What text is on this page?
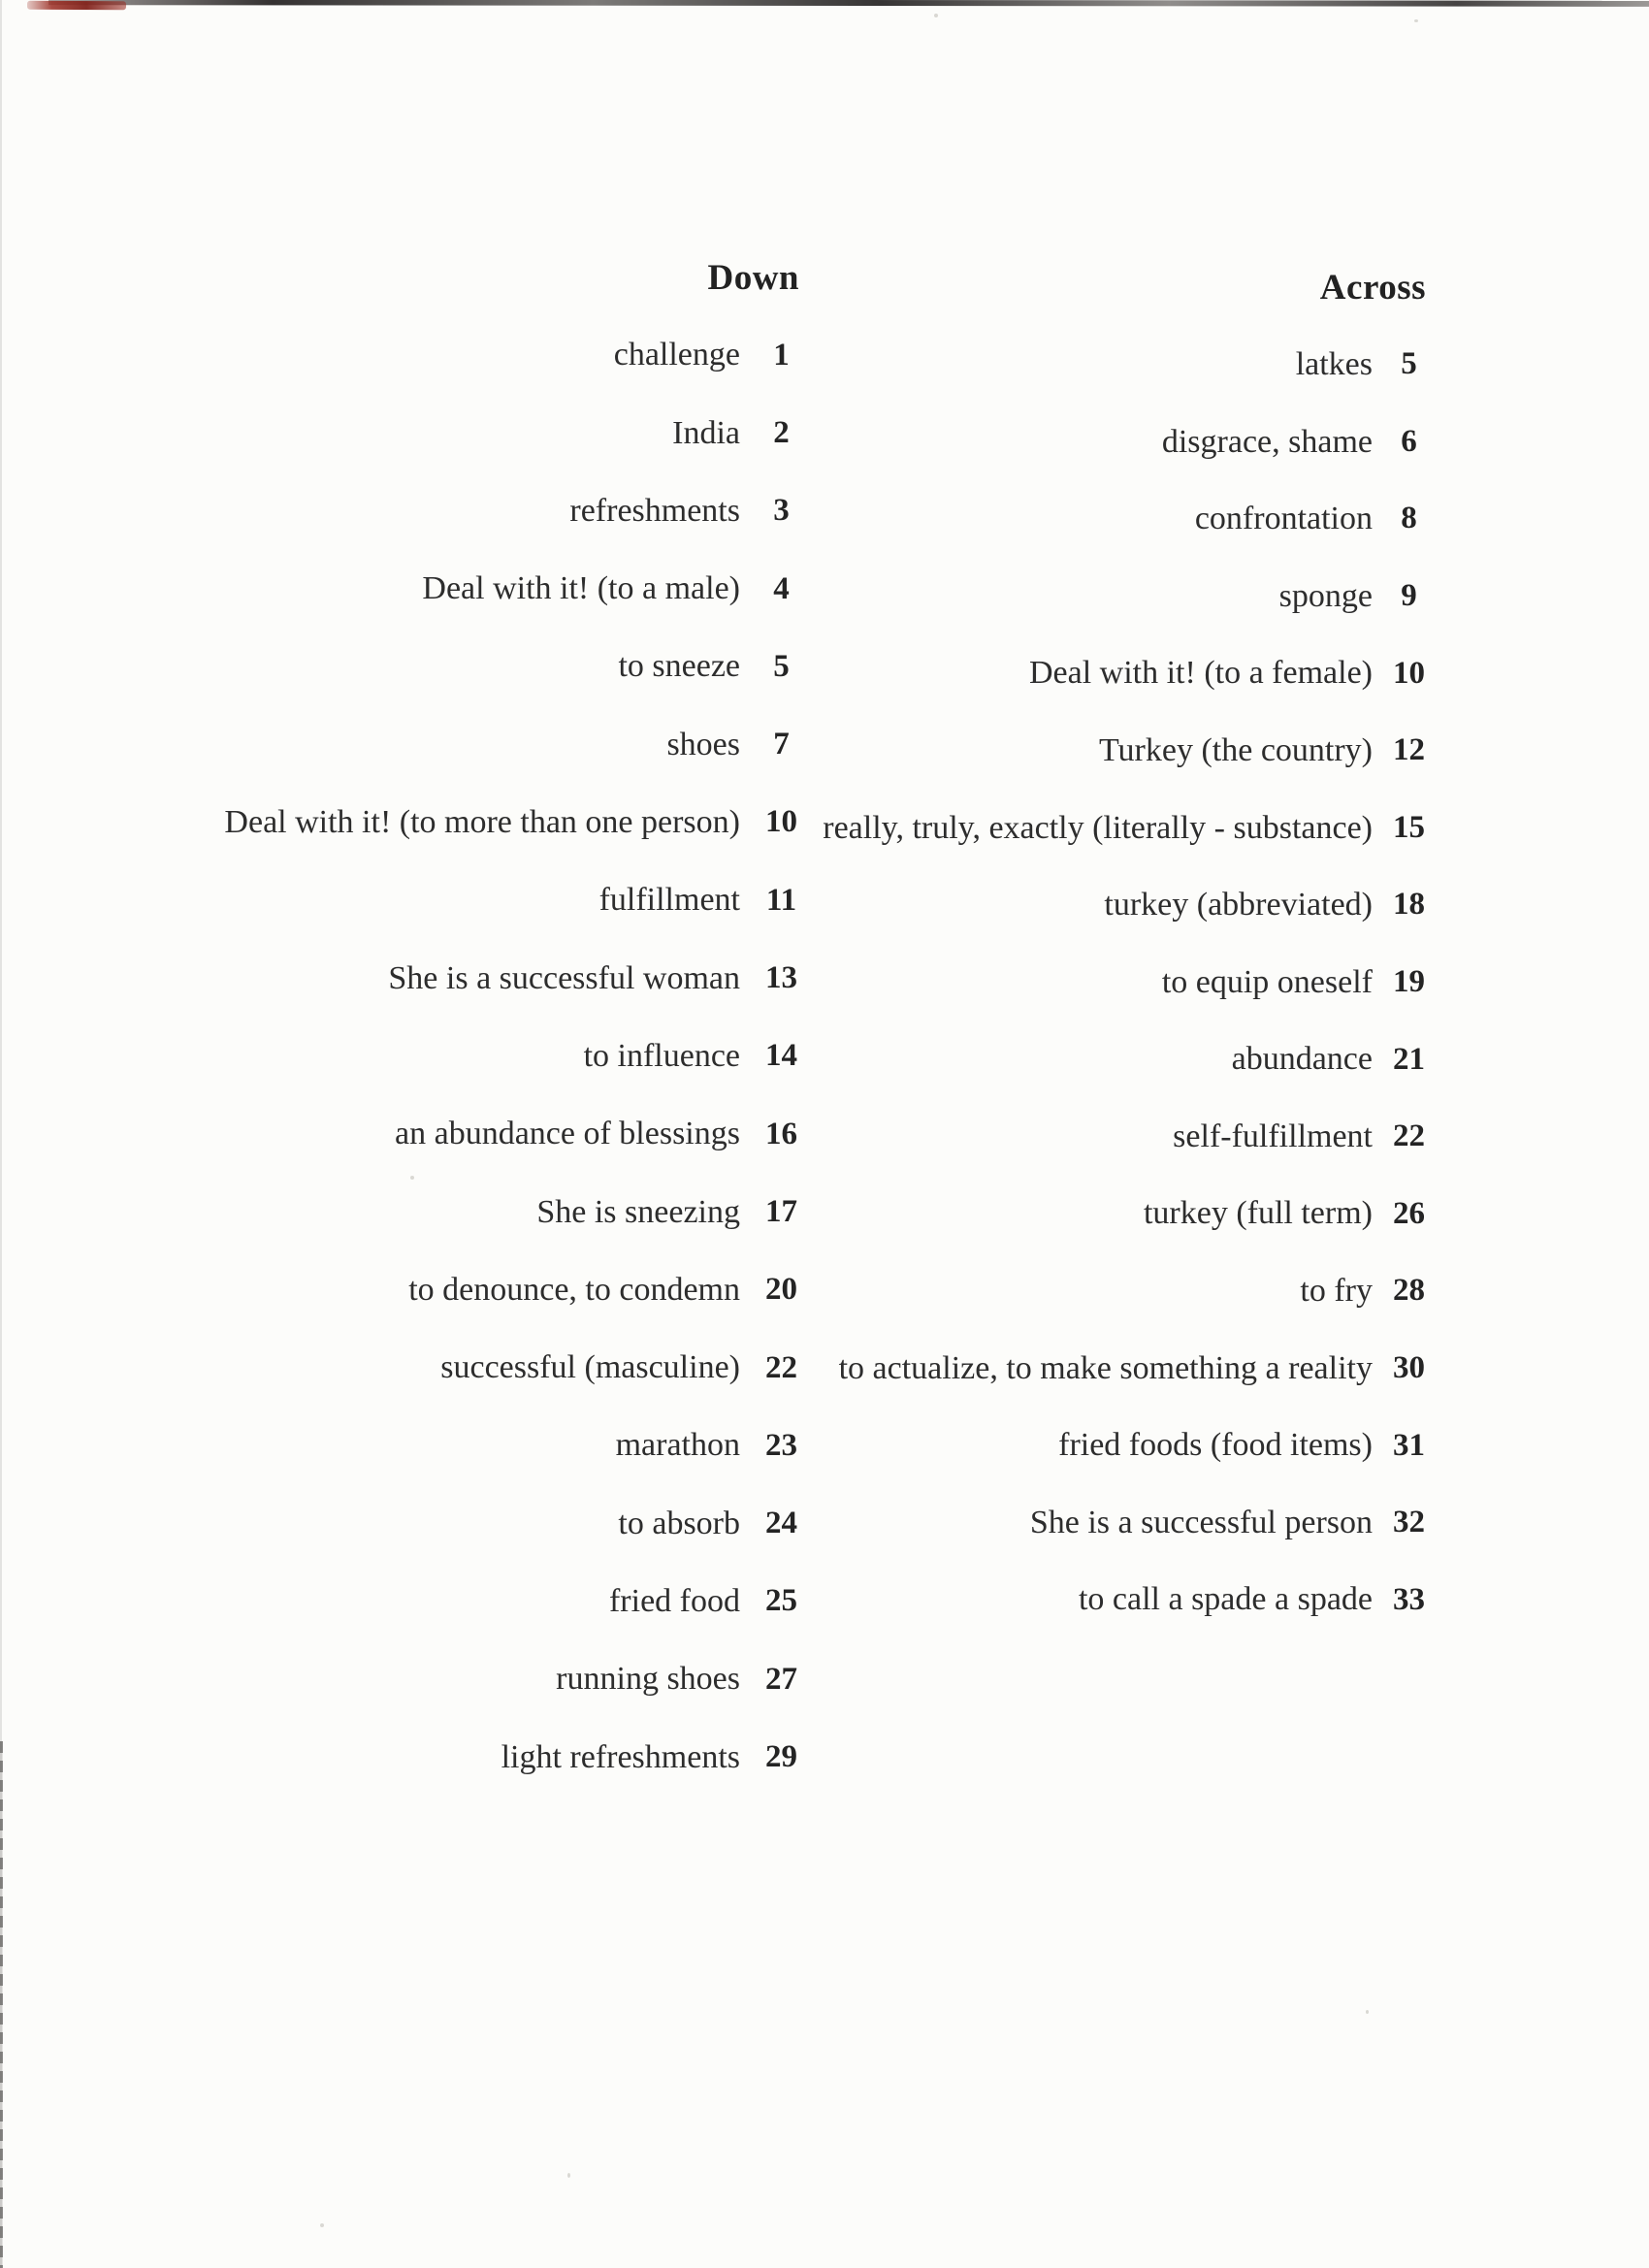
Down
challenge	1
India	2
refreshments	3
Deal with it! (to a male)	4
to sneeze	5
shoes	7
Deal with it! (to more than one person) 10
fulfillment 11
She is a successful woman 13
to influence 14
an abundance of blessings 16
She is sneezing 17
to denounce, to condemn 20
successful (masculine) 22
marathon 23
to absorb 24
fried food 25
running shoes 27
light refreshments 29
Across
latkes 5
disgrace, shame 6
confrontation 8
sponge 9
Deal with it! (to a female) 10
Turkey (the country) 12
really, truly, exactly (literally - substance) 15
turkey (abbreviated) 18
to equip oneself 19
abundance 21
self-fulfillment 22
turkey (full term) 26
to fry 28
to actualize, to make something a reality 30
fried foods (food items) 31
She is a successful person 32
to call a spade a spade 33
